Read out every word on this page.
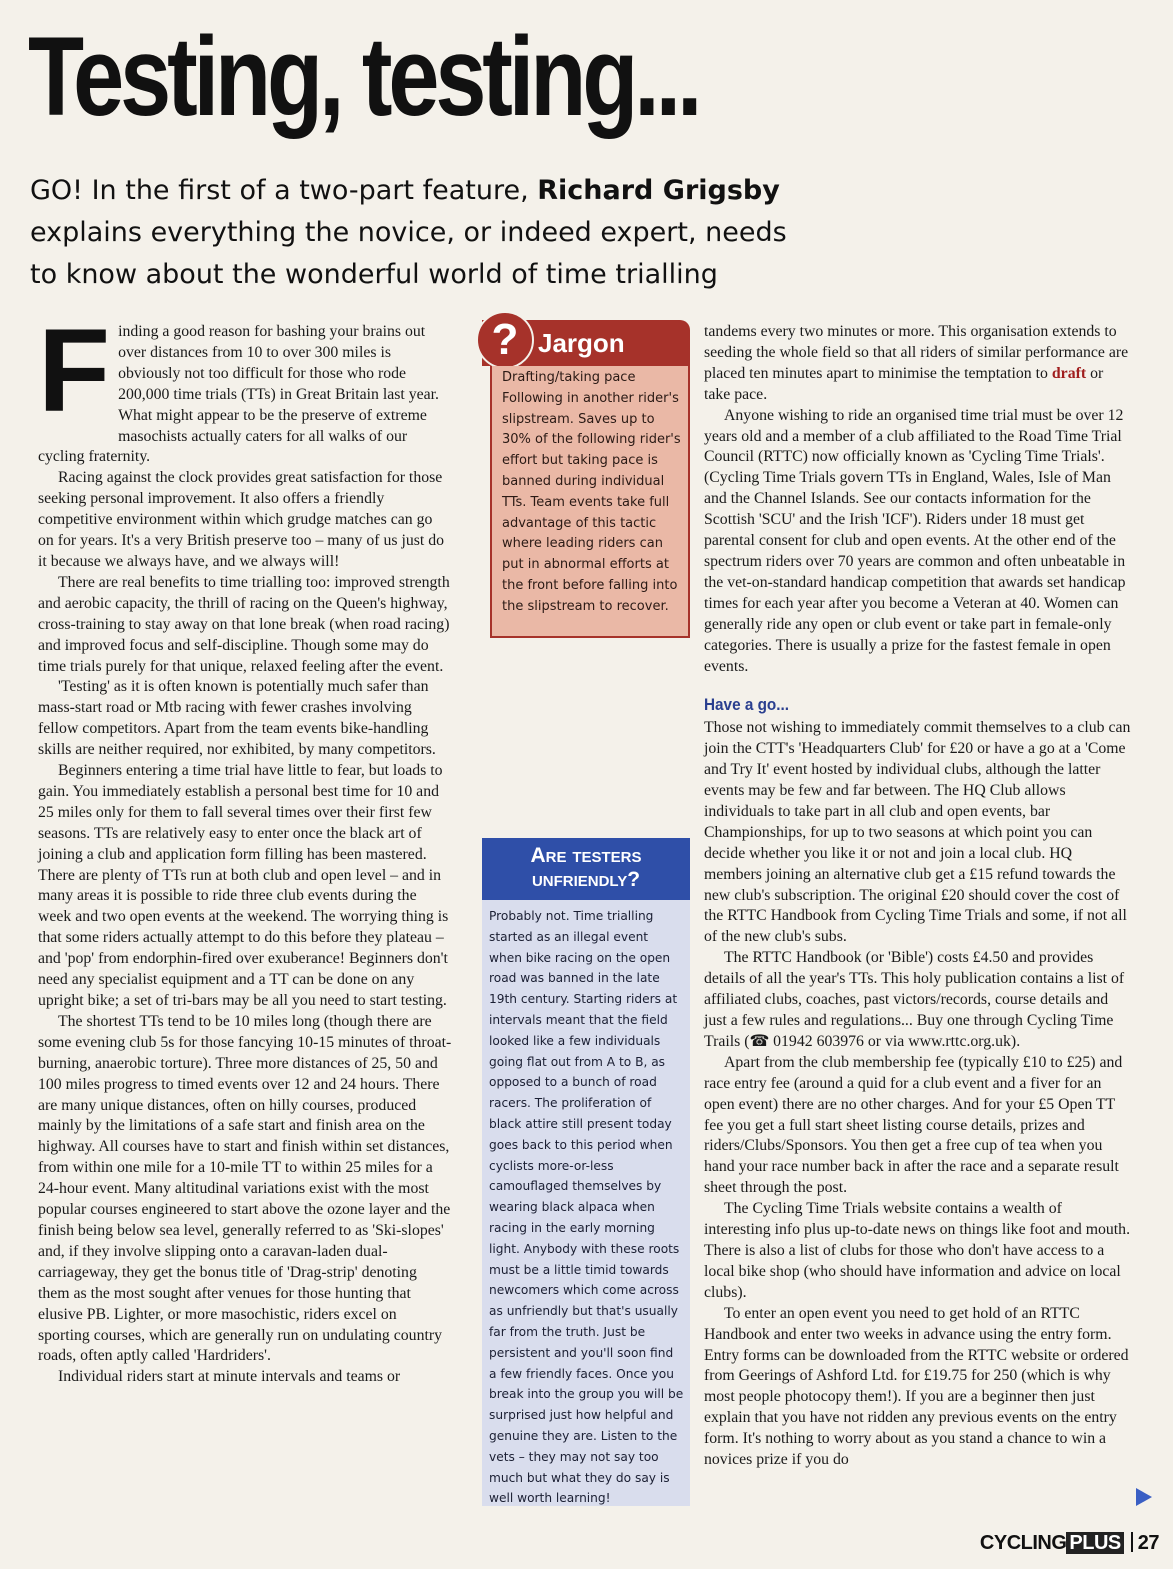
Testing, testing...
GO! In the first of a two-part feature, Richard Grigsby explains everything the novice, or indeed expert, needs to know about the wonderful world of time trialling
F inding a good reason for bashing your brains out over distances from 10 to over 300 miles is obviously not too difficult for those who rode 200,000 time trials (TTs) in Great Britain last year. What might appear to be the preserve of extreme masochists actually caters for all walks of our cycling fraternity.

Racing against the clock provides great satisfaction for those seeking personal improvement. It also offers a friendly competitive environment within which grudge matches can go on for years. It's a very British preserve too – many of us just do it because we always have, and we always will!

There are real benefits to time trialling too: improved strength and aerobic capacity, the thrill of racing on the Queen's highway, cross-training to stay away on that lone break (when road racing) and improved focus and self-discipline. Though some may do time trials purely for that unique, relaxed feeling after the event.

'Testing' as it is often known is potentially much safer than mass-start road or Mtb racing with fewer crashes involving fellow competitors. Apart from the team events bike-handling skills are neither required, nor exhibited, by many competitors.

Beginners entering a time trial have little to fear, but loads to gain. You immediately establish a personal best time for 10 and 25 miles only for them to fall several times over their first few seasons. TTs are relatively easy to enter once the black art of joining a club and application form filling has been mastered. There are plenty of TTs run at both club and open level – and in many areas it is possible to ride three club events during the week and two open events at the weekend. The worrying thing is that some riders actually attempt to do this before they plateau – and 'pop' from endorphin-fired over exuberance! Beginners don't need any specialist equipment and a TT can be done on any upright bike; a set of tri-bars may be all you need to start testing.

The shortest TTs tend to be 10 miles long (though there are some evening club 5s for those fancying 10-15 minutes of throat-burning, anaerobic torture). Three more distances of 25, 50 and 100 miles progress to timed events over 12 and 24 hours. There are many unique distances, often on hilly courses, produced mainly by the limitations of a safe start and finish area on the highway. All courses have to start and finish within set distances, from within one mile for a 10-mile TT to within 25 miles for a 24-hour event. Many altitudinal variations exist with the most popular courses engineered to start above the ozone layer and the finish being below sea level, generally referred to as 'Ski-slopes' and, if they involve slipping onto a caravan-laden dual-carriageway, they get the bonus title of 'Drag-strip' denoting them as the most sought after venues for those hunting that elusive PB. Lighter, or more masochistic, riders excel on sporting courses, which are generally run on undulating country roads, often aptly called 'Hardriders'.

Individual riders start at minute intervals and teams or

Jargon
?
Drafting/taking pace Following in another rider's slipstream. Saves up to 30% of the following rider's effort but taking pace is banned during individual TTs. Team events take full advantage of this tactic where leading riders can put in abnormal efforts at the front before falling into the slipstream to recover.
Are testers
unfriendly?
Probably not. Time trialling started as an illegal event when bike racing on the open road was banned in the late 19th century. Starting riders at intervals meant that the field looked like a few individuals going flat out from A to B, as opposed to a bunch of road racers. The proliferation of black attire still present today goes back to this period when cyclists more-or-less camouflaged themselves by wearing black alpaca when racing in the early morning light. Anybody with these roots must be a little timid towards newcomers which come across as unfriendly but that's usually far from the truth. Just be persistent and you'll soon find a few friendly faces. Once you break into the group you will be surprised just how helpful and genuine they are. Listen to the vets – they may not say too much but what they do say is well worth learning!

tandems every two minutes or more. This organisation extends to seeding the whole field so that all riders of similar performance are placed ten minutes apart to minimise the temptation to draft or take pace.

Anyone wishing to ride an organised time trial must be over 12 years old and a member of a club affiliated to the Road Time Trial Council (RTTC) now officially known as 'Cycling Time Trials'. (Cycling Time Trials govern TTs in England, Wales, Isle of Man and the Channel Islands. See our contacts information for the Scottish 'SCU' and the Irish 'ICF'). Riders under 18 must get parental consent for club and open events. At the other end of the spectrum riders over 70 years are common and often unbeatable in the vet-on-standard handicap competition that awards set handicap times for each year after you become a Veteran at 40. Women can generally ride any open or club event or take part in female-only categories. There is usually a prize for the fastest female in open events.

Have a go...

Those not wishing to immediately commit themselves to a club can join the CTT's 'Headquarters Club' for £20 or have a go at a 'Come and Try It' event hosted by individual clubs, although the latter events may be few and far between. The HQ Club allows individuals to take part in all club and open events, bar Championships, for up to two seasons at which point you can decide whether you like it or not and join a local club. HQ members joining an alternative club get a £15 refund towards the new club's subscription. The original £20 should cover the cost of the RTTC Handbook from Cycling Time Trials and some, if not all of the new club's subs.

The RTTC Handbook (or 'Bible') costs £4.50 and provides details of all the year's TTs. This holy publication contains a list of affiliated clubs, coaches, past victors/records, course details and just a few rules and regulations... Buy one through Cycling Time Trails (☎ 01942 603976 or via www.rttc.org.uk).

Apart from the club membership fee (typically £10 to £25) and race entry fee (around a quid for a club event and a fiver for an open event) there are no other charges. And for your £5 Open TT fee you get a full start sheet listing course details, prizes and riders/Clubs/Sponsors. You then get a free cup of tea when you hand your race number back in after the race and a separate result sheet through the post.

The Cycling Time Trials website contains a wealth of interesting info plus up-to-date news on things like foot and mouth. There is also a list of clubs for those who don't have access to a local bike shop (who should have information and advice on local clubs).

To enter an open event you need to get hold of an RTTC Handbook and enter two weeks in advance using the entry form. Entry forms can be downloaded from the RTTC website or ordered from Geerings of Ashford Ltd. for £19.75 for 250 (which is why most people photocopy them!). If you are a beginner then just explain that you have not ridden any previous events on the entry form. It's nothing to worry about as you stand a chance to win a novices prize if you do

CYCLING PLUS 27
